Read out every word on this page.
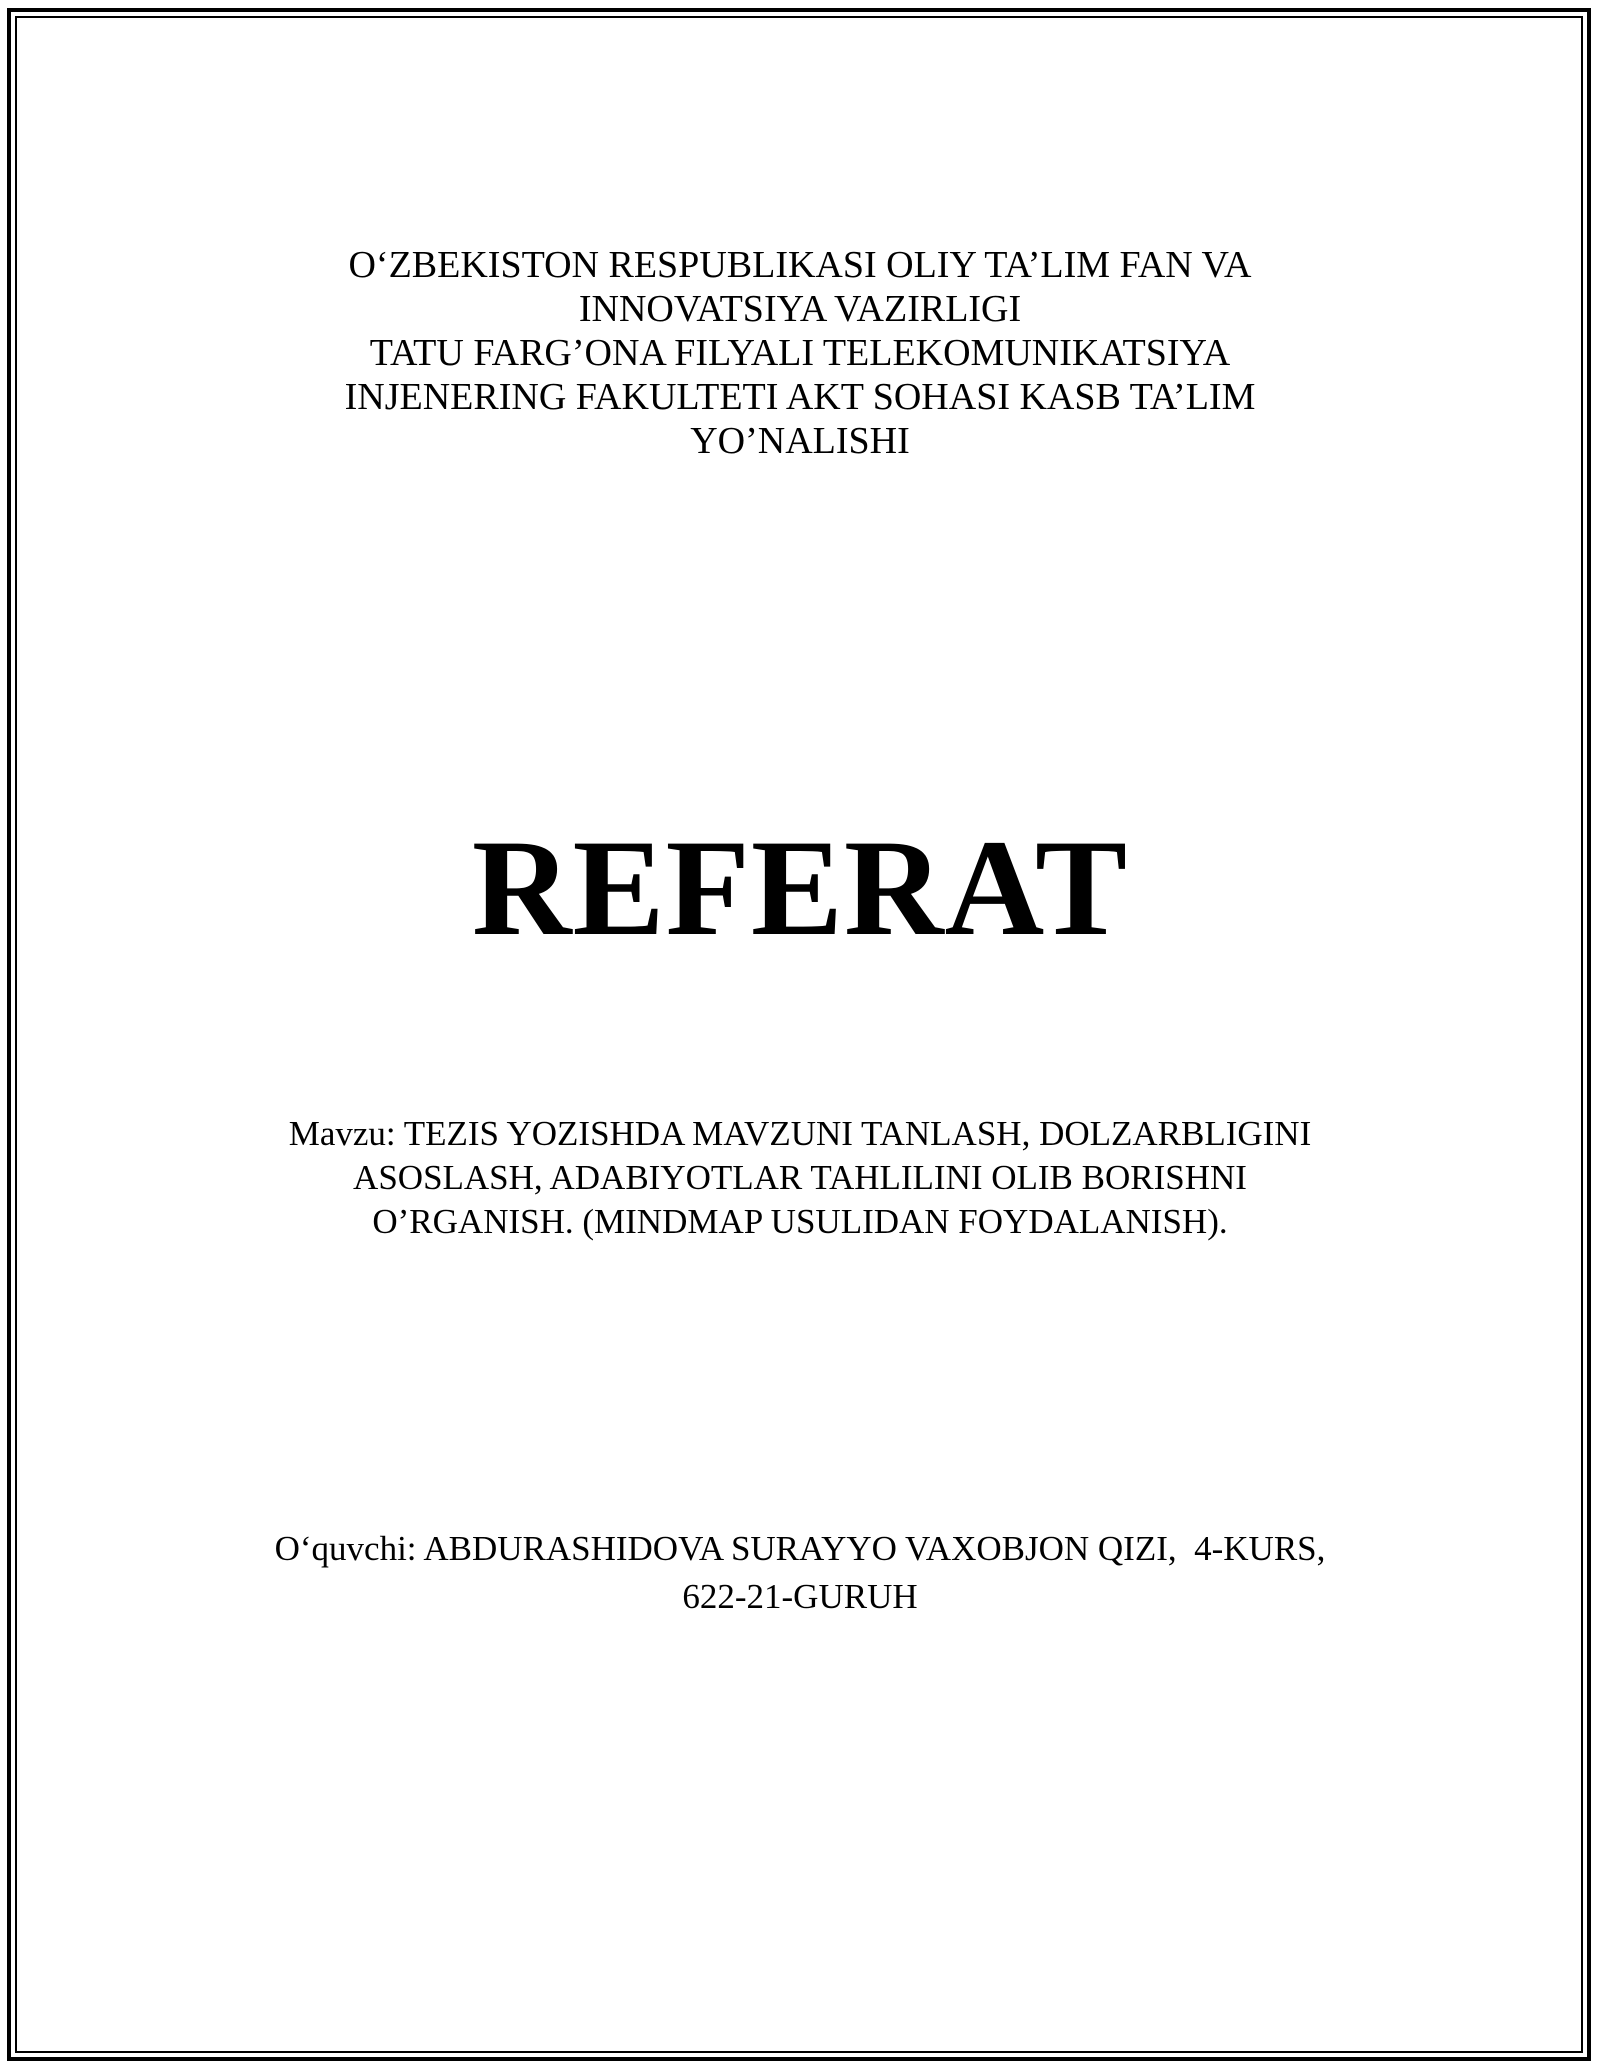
O‘ZBEKISTON RESPUBLIKASI OLIY TA’LIM FAN VA
INNOVATSIYA VAZIRLIGI
TATU FARG’ONA FILYALI TELEKOMUNIKATSIYA
INJENERING FAKULTETI AKT SOHASI KASB TA’LIM
YO’NALISHI
REFERAT
Mavzu: TEZIS YOZISHDA MAVZUNI TANLASH, DOLZARBLIGINI
ASOSLASH, ADABIYOTLAR TAHLILINI OLIB BORISHNI
O’RGANISH. (MINDMAP USULIDAN FOYDALANISH).
O‘quvchi: ABDURASHIDOVA SURAYYO VAXOBJON QIZI,  4-KURS,
622-21-GURUH
